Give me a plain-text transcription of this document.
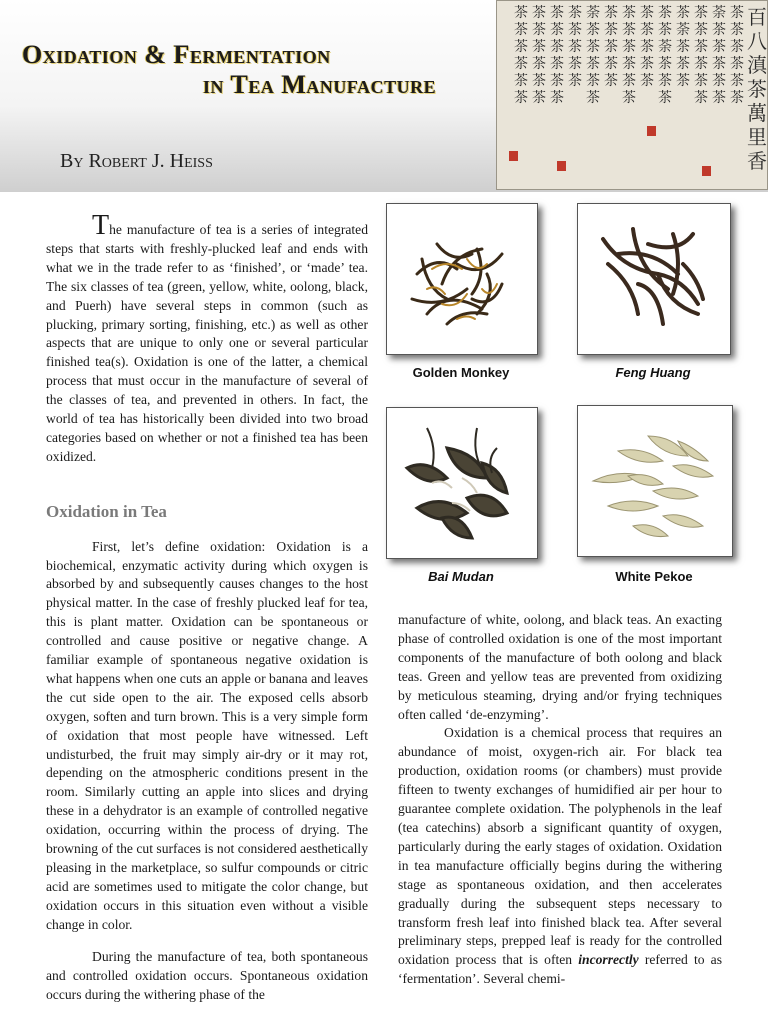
Oxidation & Fermentation
in Tea Manufacture
By Robert J. Heiss
百
八
滇
茶
萬
里
香
茶
茶
茶
茶
茶
茶
荼
茶
茶
茶
茶
茶
茶
茶
茶
茶
茶
茶
茶
荼
茶
茶
茶
茶
茶
荼
茶
茶
茶
茶
茶
茶
茶
茶
茶
茶
茶
茶
茶
茶
茶
茶
茶
茶
茶
荼
茶
茶
茶
茶
茶
茶
茶
茶
茶
茶
茶
茶
茶
茶
茶
茶
茶
茶
茶
茶
茶
茶
茶
茶
茶
茶
茶
茶

The manufacture of tea is a series of integrated steps that starts with freshly-plucked leaf and ends with what we in the trade refer to as ‘finished’, or ‘made’ tea. The six classes of tea (green, yellow, white, oolong, black, and Puerh) have several steps in common (such as plucking, primary sorting, finishing, etc.) as well as other aspects that are unique to only one or several particular finished tea(s). Oxidation is one of the latter, a chemical process that must occur in the manufacture of several of the classes of tea, and prevented in others. In fact, the world of tea has historically been divided into two broad categories based on whether or not a finished tea has been oxidized.

Oxidation in Tea

First, let’s define oxidation: Oxidation is a biochemical, enzymatic activity during which oxygen is absorbed by and subsequently causes changes to the host physical matter. In the case of freshly plucked leaf for tea, this is plant matter. Oxidation can be spontaneous or controlled and cause positive or negative change. A familiar example of spontaneous negative oxidation is what happens when one cuts an apple or banana and leaves the cut side open to the air. The exposed cells absorb oxygen, soften and turn brown. This is a very simple form of oxidation that most people have witnessed. Left undisturbed, the fruit may simply air-dry or it may rot, depending on the atmospheric conditions present in the room. Similarly cutting an apple into slices and drying these in a dehydrator is an example of controlled negative oxidation, occurring within the process of drying. The browning of the cut surfaces is not considered aesthetically pleasing in the marketplace, so sulfur compounds or citric acid are sometimes used to mitigate the color change, but oxidation occurs in this situation even without a visible change in color.

During the manufacture of tea, both spontaneous and controlled oxidation occurs. Spontaneous oxidation occurs during the withering phase of the

Golden Monkey	Feng Huang
Bai Mudan	White Pekoe

manufacture of white, oolong, and black teas. An exacting phase of controlled oxidation is one of the most important components of the manufacture of both oolong and black teas. Green and yellow teas are prevented from oxidizing by meticulous steaming, drying and/or frying techniques often called ‘de-enzyming’.

Oxidation is a chemical process that requires an abundance of moist, oxygen-rich air. For black tea production, oxidation rooms (or chambers) must provide fifteen to twenty exchanges of humidified air per hour to guarantee complete oxidation. The polyphenols in the leaf (tea catechins) absorb a significant quantity of oxygen, particularly during the early stages of oxidation. Oxidation in tea manufacture officially begins during the withering stage as spontaneous oxidation, and then accelerates gradually during the subsequent steps necessary to transform fresh leaf into finished black tea. After several preliminary steps, prepped leaf is ready for the controlled oxidation process that is often incorrectly referred to as ‘fermentation’. Several chemi-
